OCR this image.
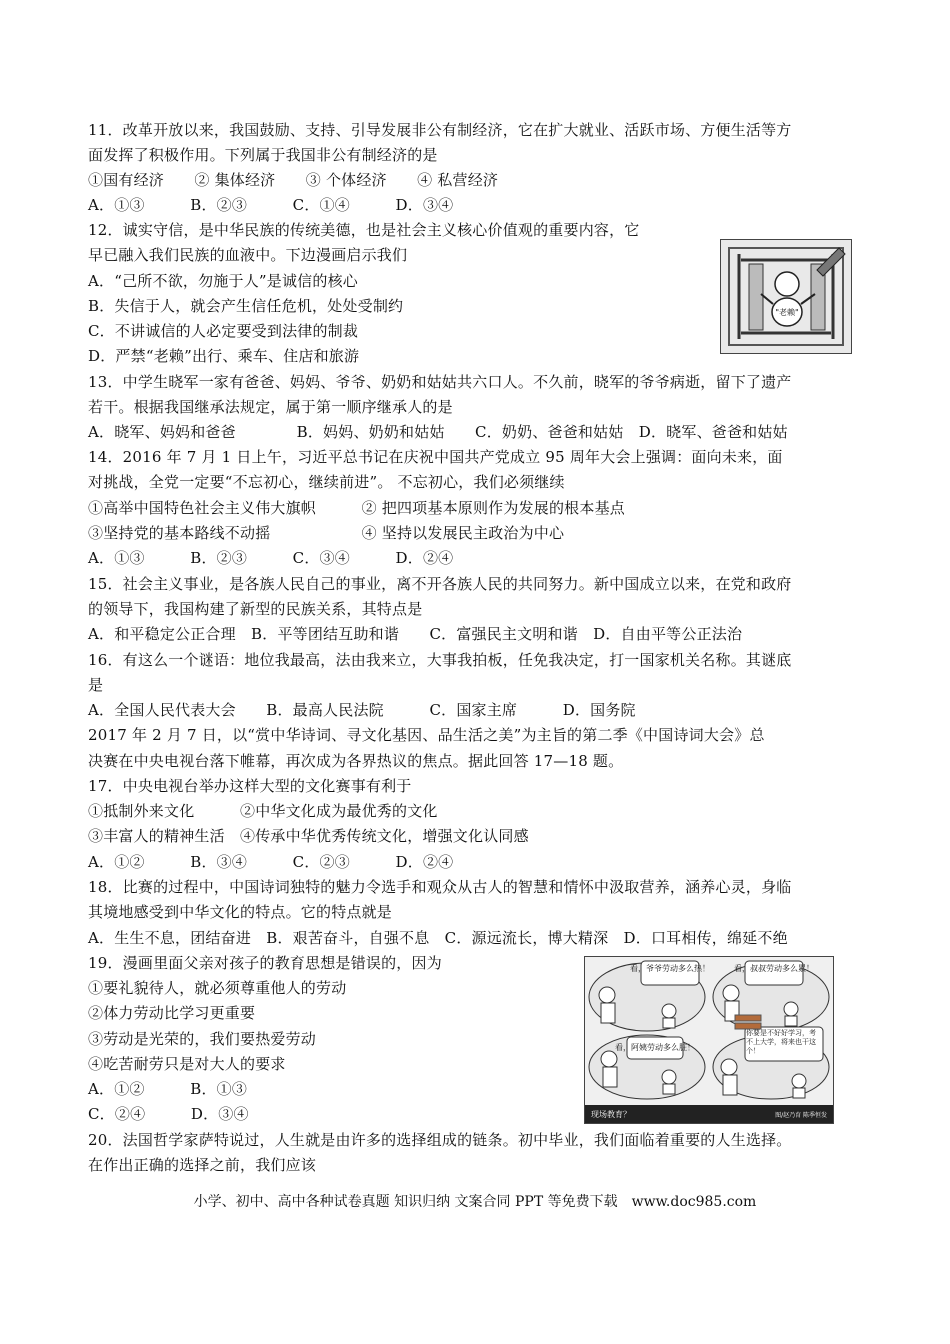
11．改革开放以来，我国鼓励、支持、引导发展非公有制经济，它在扩大就业、活跃市场、方便生活等方
面发挥了积极作用。下列属于我国非公有制经济的是
①国有经济　　② 集体经济　　③ 个体经济　　④ 私营经济
A．①③　　　B．②③　　　C．①④　　　D．③④
12．诚实守信，是中华民族的传统美德，也是社会主义核心价值观的重要内容，它
早已融入我们民族的血液中。下边漫画启示我们
A．“己所不欲，勿施于人”是诚信的核心
B．失信于人，就会产生信任危机，处处受制约
C．不讲诚信的人必定要受到法律的制裁
D．严禁“老赖”出行、乘车、住店和旅游
13．中学生晓军一家有爸爸、妈妈、爷爷、奶奶和姑姑共六口人。不久前，晓军的爷爷病逝，留下了遗产
若干。根据我国继承法规定，属于第一顺序继承人的是
A．晓军、妈妈和爸爸　　　　B．妈妈、奶奶和姑姑　　C．奶奶、爸爸和姑姑　D．晓军、爸爸和姑姑
14．2016 年 7 月 1 日上午，习近平总书记在庆祝中国共产党成立 95 周年大会上强调：面向未来，面
对挑战，全党一定要“不忘初心，继续前进”。 不忘初心，我们必须继续
①高举中国特色社会主义伟大旗帜　　　② 把四项基本原则作为发展的根本基点
③坚持党的基本路线不动摇　　　　　　④ 坚持以发展民主政治为中心
A．①③　　　B．②③　　　C．③④　　　D．②④
15．社会主义事业，是各族人民自己的事业，离不开各族人民的共同努力。新中国成立以来，在党和政府
的领导下，我国构建了新型的民族关系，其特点是
A．和平稳定公正合理　B．平等团结互助和谐　　C．富强民主文明和谐　D．自由平等公正法治
16．有这么一个谜语：地位我最高，法由我来立，大事我拍板，任免我决定，打一国家机关名称。其谜底
是
A．全国人民代表大会　　B．最高人民法院　　　C．国家主席　　　D．国务院
2017 年 2 月 7 日，以“赏中华诗词、寻文化基因、品生活之美”为主旨的第二季《中国诗词大会》总
决赛在中央电视台落下帷幕，再次成为各界热议的焦点。据此回答 17—18 题。
17．中央电视台举办这样大型的文化赛事有利于
①抵制外来文化　　　②中华文化成为最优秀的文化
③丰富人的精神生活　④传承中华优秀传统文化，增强文化认同感
A．①②　　　B．③④　　　C．②③　　　D．②④
18．比赛的过程中，中国诗词独特的魅力令选手和观众从古人的智慧和情怀中汲取营养，涵养心灵，身临
其境地感受到中华文化的特点。它的特点就是
A．生生不息，团结奋进　B．艰苦奋斗，自强不息　C．源远流长，博大精深　D．口耳相传，绵延不绝
19．漫画里面父亲对孩子的教育思想是错误的，因为
①要礼貌待人，就必须尊重他人的劳动
②体力劳动比学习更重要
③劳动是光荣的，我们要热爱劳动
④吃苦耐劳只是对大人的要求
A．①②　　　B．①③
C．②④　　　D．③④
20．法国哲学家萨特说过，人生就是由许多的选择组成的链条。初中毕业，我们面临着重要的人生选择。
在作出正确的选择之前，我们应该
"老赖"
看，爷爷劳动多么热！	看，叔叔劳动多么累！
看，阿姨劳动多么脏！
你要是不好好学习，考不上大学，将来也干这个！
现场教育？	图/赵乃育 陈季恒发
小学、初中、高中各种试卷真题 知识归纳 文案合同 PPT 等免费下载　www.doc985.com
